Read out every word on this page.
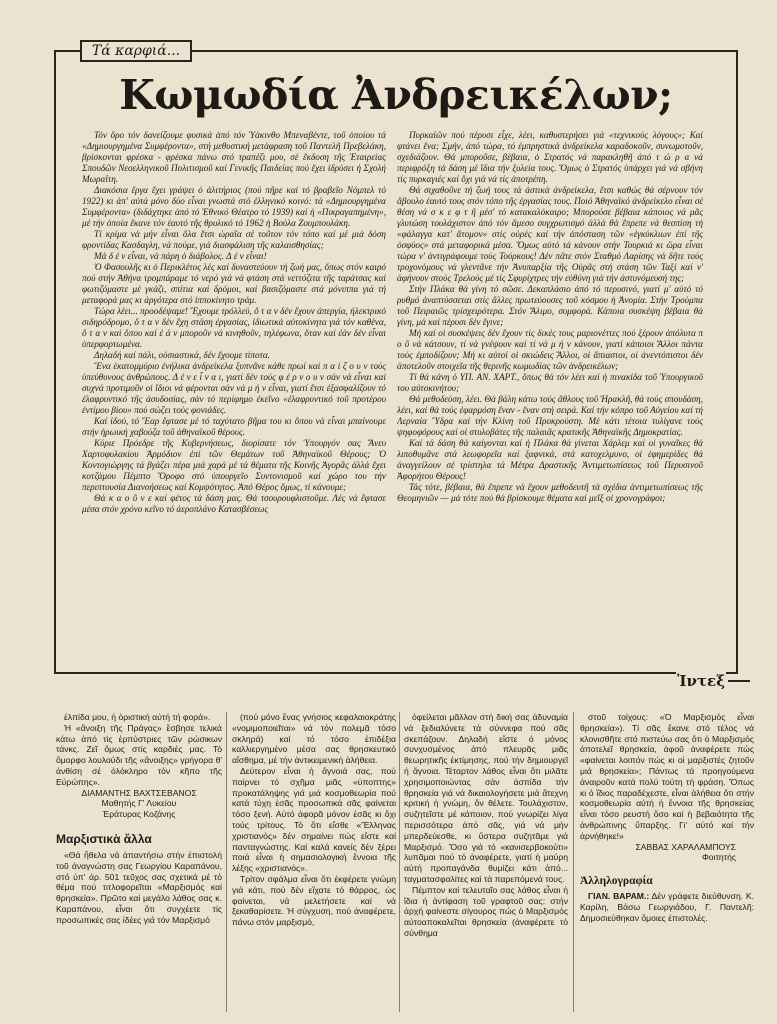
Τά καρφιά...
Κωμωδία Ἀνδρεικέλων;

Τόν ὅρο τόν δανείζουμε φυσικά ἀπό τόν Ὑάκινθο Μπεναβέντε, τοῦ ὁποίου τά «Δημιουργημένα Συμφέροντα», στή μεθυστική μετάφραση τοῦ Παντελῆ Πρεβελάκη, βρίσκονται φρέσκα - φρέσκα πάνω στό τραπέζι μου, σέ ἔκδοση τῆς Ἑταιρείας Σπουδῶν Νεοελληνικοῦ Πολιτισμοῦ καί Γενικῆς Παιδείας πού ἔχει ἱδρύσει ἡ Σχολή Μωραΐτη.

Διακόσια ἔργα ἔχει γράψει ὁ ἀλιτήριος (πού πῆρε καί τό βραβεῖο Νόμπελ τό 1922) κι ἀπ' αὐτά μόνο δύο εἶναι γνωστά στό ἑλληνικό κοινό: τά «Δημιουργημένα Συμφέροντα» (διδάχτηκε ἀπό τό Ἐθνικό Θέατρο τό 1939) καί ἡ «Πικραγαπημένη», μέ τήν ὁποία ἔκανε τόν ἑαυτό τῆς θρυλικό τό 1962 ἡ Βούλα Ζουμπουλάκη.

Τί κρίμα νά μήν εἶναι ὅλα ἔτσι ὡραῖα σέ τοῦτον τόν τόπο καί μέ μιά δόση φροντίδας Κασδαγλη, νά πούμε, γιά διασφάλιση τῆς καλαισθησίας;

Μά δ έ ν εἶναι, νά πάρη ὁ διάβολος. Δ έ ν εἶναι!

Ὁ Φασουλῆς κι ὁ Περικλέτος λές καί δυναστεύουν τή ζωή μας, ὅπως στόν καιρό πού στήν Ἀθήνα τρομπάραμε τό νερό γιά νά φτάση στά νεττόζιτα τῆς ταράτσας καί φωτιζόμαστε μέ γκάζι, σπίτια καί δρόμοι, καί βασιζόμαστε στά μόνιππα γιά τή μεταφορά μας κι ἀργότερα στό ἱπποκίνητο τράμ.

Τώρα λέει... προοδέψαμε! Ἔχουμε τρόλλεϋ, ὅ τ α ν δέν ἔχουν ἀπεργία, ἠλεκτρικό σιδηρόδρομο, ὅ τ α ν δέν ἔχη στάση ἐργασίας, ἰδιωτικά αὐτοκίνητα γιά τόν καθένα, ὅ τ α ν καί ὅπου καί ἐ ά ν μποροῦν νά κινηθοῦν, τηλέφωνα, ὅταν καί ἐάν δέν εἶναι ὑπερφορτωμένα.

Δηλαδή καί πάλι, οὐσιαστικά, δέν ἔχουμε τίποτα.

Ἕνα ἑκατομμύριο ἐνήλικα ἀνδρείκελα ξυπνᾶνε κάθε πρωί καί π α ί ζ ο υ ν τούς ὑπεύθυνους ἀνθρώπους. Δ έ ν ε ἶ ν α ι, γιατί δέν τούς φ έ ρ ν ο υ ν σάν νά εἶναι καί συχνά προτιμοῦν οἱ ἴδιοι νά φέρονται σάν νά μ ή ν εἶναι, γιατί ἔτσι ἐξασφαλίζουν τό ἐλαφρυντικό τῆς ἀσυδοσίας, σάν τό περίφημο ἐκεῖνο «ἐλαφρυντικό τοῦ προτέρου ἐντίμου βίου» πού σώζει τούς φονιάδες.

Καί ἰδού, τό Ἔαρ ἔφτασε μέ τό ταχύτατο βῆμα του κι ὅπου νά εἶναι μπαίνουμε στήν ἠρωική χαβούζα τοῦ ἀθηναϊκοῦ θέρους.

Κύριε Πρόεδρε τῆς Κυβερνήσεως, διορίσατε τόν Ὑπουργόν σας Ἄνευ Χαρτοφυλακίου Ἁρμόδιον ἐπί τῶν Θεμάτων τοῦ Ἀθηναϊκοῦ Θέρους; Ὁ Κοντογιώργης τά βγάζει πέρα μιά χαρά μέ τά θέματα τῆς Κοινῆς Ἀγορᾶς ἀλλά ἔχει κοτζάμου Πέμπτο Ὄροφο στό ὑπουργεῖο Συντονισμοῦ καί χώρο του τήν περιπτουσία Διανοήσεως καί Κομψότητος. Ἀπό Θέρος ὅμως, τί κάνουμε;

Θά κ α ο ῦ ν ε καί φέτος τά δάση μας. Θά τσουρουφλιστοῦμε. Λές νά ἔφτασε μέσα στόν χρόνο κεῖνο τό ἀεροπλάνο Κατασβέσεως

Πυρκαϊῶν πού πέρυσι εἶχε, λέει, καθυστερήσει γιά «τεχνικούς λόγους»; Καί φτάνει ἕνα; Σμήν, ἀπό τώρα, τό ἐμπρηστικά ἀνδρείκελα καραδοκοῦν, συνωμοτοῦν, σχεδιάζουν. Θά μποροῦσε, βέβαια, ὁ Στρατός νά παρακληθῆ ἀπό τ ώ ρ α νά περιφρόξη τά δάση μέ ἴδια τήν ξυλεία τους. Ὅμως ὁ Στρατός ὑπάρχει γιά νά σβήνη τίς πυρκαγιές καί ὄχι γιά νά τίς ἀποτρέπη.

Θά σιχαθοῦνε τή ζωή τους τά ἀστικά ἀνδρείκελα, ἔτσι καθώς θά σέρνουν τόν ἄβουλο ἑαυτό τους στόν τόπο τῆς ἐργασίας τους. Ποιό Ἀθηναϊκό ἀνδρείκελο εἶναι σέ θέση νά σ κ ε φ τ ῆ μέσ' τό κατακαλόκαιρο; Μπορούσε βέβαια κάποιος νά μᾶς γλυτώση τουλάχιστον ἀπό τόν ἄμεσο συγχρωτισμό ἀλλά θά ἔπρεπε νά θεσπίση τή «φάλαγγα κατ' ἄτομον» στίς οὐρές καί τήν ἀπόσταση τῶν «ἐγκύκλιων ἐπί τῆς ὀσφύος» στά μεταφορικά μέσα. Ὅμως αὐτό τά κάνουν στήν Τουρκιά κι ὥρα εἶναι τώρα ν' ἀντιγράφουμε τούς Τούρκους! Δέν πᾶτε στόν Σταθμό Λαρίσης νά δῆτε τούς τροχονόμους νά γλεντᾶνε τήν Ἀνυπαρξία τῆς Οὐρᾶς στή στάση τῶν Ταξί καί ν' ἀφήνουν στούς Τρελούς μέ τίς Σφυρίχτρες τήν εὐθύνη γιά τήν ἀστυνόμευσή της;

Στήν Πλάκα θά γίνη τό σῶσε. Δεκαπλάσιο ἀπό τό περυσινό, γιατί μ' αὐτό τό ρυθμό ἀναπτύσσεται στίς ἄλλες πρωτεύουσες τοῦ κόσμου ἡ Ἀνομία. Στήν Τρούμπα τοῦ Πειραιῶς τρίσχειρότερα. Στόν Ἄλιμο, συμφορά. Κάποια συσκέψη βέβαια θά γίνη, μά καί πέρυσι δέν ἔγινε;

Μή καί οἱ συσκέψεις δέν ἔχουν τίς δικές τους μαριονέττες πού ξέρουν ἀπόλυτα π ο ῦ νά κάτσουν, τί νά γνέψουν καί τί νά μ ή ν κάνουν, γιατί κάποιοι Ἄλλοι πάντα τούς ἐμποδίζουν; Μή κι αὐτοί οἱ σκιώδεις Ἄλλοι, οἱ ἄπιαστοι, οἱ ἀνεντόπιστοι δέν ἀποτελοῦν στοιχεῖα τῆς θερινῆς κωμωδίας τῶν ἀνδρεικέλων;

Τί θά κάνη ὁ ΥΠ. ΑΝ. ΧΑΡΤ., ὅπως θά τόν λέει καί ἡ πινακίδα τοῦ Ὑπουργικοῦ του αὐτοκινήτου;

Θά μεθοδεύση, λέει. Θά βάλη κάτω τούς ἄθλους τοῦ Ἡρακλῆ, θά τούς σπουδάση, λέει, καί θά τούς ἐφαρμόση ἕναν - ἕναν στή σειρά. Καί τήν κόπρο τοῦ Αὐγείου καί τή Λερναία Ὕδρα καί τήν Κλίνη τοῦ Προκρούστη. Μέ κάτι τέτοια τυλίγανε τούς ψηφοφόρους καί οἱ στυλοβάτες τῆς παλαιᾶς κρατικῆς Ἀθηναϊκῆς Δημοκρατίας.

Καί τά δάση θά καίγονται καί ἡ Πλάκα θά γίνεται Χάρλεμ καί οἱ γυναῖκες θά λιποθυμᾶνε στά λεωφορεῖα καί ξαφνικά, στά κατοχελμυνο, οἱ ἐφημερίδες θά ἀναγγείλουν σέ τρίστηλα τά Μέτρα Δραστικῆς Ἀντιμετωπίσεως τοῦ Περυσινοῦ Ἀφορήτου Θέρους!

Τάς τότε, βέβαια, θά ἔπρεπε νά ἔχουν μεθοδευτῆ τά σχέδια ἀντιμετωπίσεως τῆς Θεομηνιῶν — μά τότε πού θά βρίσκουμε θέματα καί μεῖξ οἱ χρονογράφοι;

Ἰντεξ

ἐλπίδα μου, ἡ ὁριστική αὐτή τή φορά».

Ἡ «ἄνοιξη τῆς Πράγας» ἔσβησε τελικά κάτω ἀπό τίς ἐρπύστριες τῶν ρώσικων τάνκς. Ζεῖ ὅμως στίς καρδιές μας. Τό ὄμορφο λουλούδι τῆς «ἄνοιξης» γρήγορα θ' ἀνθίση σέ ὁλόκληρο τόν κῆπο τῆς Εὐρώπης».

ΔΙΑΜΑΝΤΗΣ ΒΑΧΤΣΕΒΑΝΟΣ

Μαθητής Γ' Λυκείου

Ἐράτυρας Κοζάνης

Μαρξιστικὰ ἄλλα

«Θά ἤθελα νά ἀπαντήσω στήν ἐπιστολή τοῦ ἀναγνώστη σας Γεωργίου Καραπάνου, στό ὑπ' ἀρ. 501 τεῦχος σας σχετικά μέ τό θέμα πού τιτλοφορεῖται «Μαρξισμός καί θρησκεία». Πρῶτο καί μεγάλο λάθος σας κ. Καραπάνου, εἶναι ὅτι συγχέετε τίς προσωπικές σας ἰδέες γιά τόν Μαρξισμό

(πού μόνο ἕνας γνήσιος κεφαλαιοκράτης «νομιμοποιεῖται» νά τόν πολεμᾶ τόσο σκληρά) καί τό τόσο ἐπιδέξια καλλιεργημένο μέσα σας θρησκευτικό αἴσθημα, μέ τήν ἀντικειμενική ἀλήθεια.

Δεύτερον εἶναι ἡ ἄγνοιά σας, πού παίρνει τό σχῆμα μιᾶς «ὑποπτης» προκατάληψης γιά μιά κοσμοθεωρία πού κατά τύχη ἐσᾶς προσωπικά σᾶς φαίνεται τόσο ξενή. Αὐτό ἀφορᾶ μόνον ἐσᾶς κι ὄχι τούς τρίτους. Τό ὅτι εἴσθε «Ἕλληνας χριστιανός» δέν σημαίνει πώς εἴστε καί πανταγνώστης. Καί καλά κανείς δέν ξέρει ποιά εἶναι ἡ σημασιολογική ἔννοια τῆς λέξης «χριστιανός».

Τρίτον σφάλμα εἶναι ὅτι ἐκφέρετε γνώμη γιά κάτι, πού δέν εἴχατε τό θάρρος, ὡς φαίνεται, νά μελετήσετε καί νά ξεκαθαρίσετε. Ἡ σύγχυση, πού ἀναφέρετε, πάνω στόν μαρξισμό,

ὀφείλεται μᾶλλον στή δική σας ἀδυναμία νά ξεδιαλύνετε τά σύννεφα πού σᾶς σκεπάζουν. Δηλαδή εἴστε ὁ μόνος συνχυσμένος ἀπό πλευρᾶς μιᾶς θεωρητικῆς ἐκτίμησης, πού τήν δημιουργεῖ ἡ ἄγνοια. Τέταρτον λάθος εἶναι ὅτι μιλᾶτε χρησιμοποιώντας σάν ἀσπίδα τήν θρησκεία γιά νά δικαιολογήσετε μιά ἄτεχνη κριτική ἡ γνώμη, ὅν θέλετε. Τουλάχιστον, συζητεῖστε μέ κάποιον, πού γνωρίζει λίγα περισσότερα ἀπό σᾶς, γιά νά μήν μπερδεύεσθε, κι ὕστερα συζητᾶμε γιά Μαρξισμό. Ὅσο γιά τό «κανισερβοκούτι» λυπᾶμαι πού τό ἀναφέρετε, γιατί ἡ μαύρη αὐτή προπαγάνδα θυμίζει κάτι ἀπό... ταγματασφαλίτες καί τά παρεπόμενά τους.

Πέμπτον καί τελευταῖο σας λάθος εἶναι ἡ ἴδια ἡ ἀντίφαση τοῦ γραφτοῦ σας: στήν ἀρχή φαίνεστε σίγουρος πώς ὁ Μαρξισμός αὐτοαποκαλεῖται θρησκεία (ἀναφέρετε τό σύνθημα

στοῦ τοίχους: «Ὁ Μαρξισμός εἶναι θρησκεία»). Τί σᾶς ἔκανε στό τέλος νά κλονισθῆτε στό πιστεύω σας ὅτι ὁ Μαρξισμός ἀποτελεῖ θρησκεία, ἀφοῦ ἀναφέρετε πώς «φαίνεται λοιπόν πώς κι οἱ μαρξιστές ζητοῦν μιά θρησκεία»; Πάντως τά προηγούμενα ἀναιροῦν κατά πολύ τούτη τή φράση. Ὅπως κι ὁ ἴδιος παραδέχεστε, εἶναι ἀλήθεια ὅτι στήν κοσμοθεωρία αὐτή ἡ ἔννοια τῆς θρησκείας εἶναι τόσο ρευστή ὅσο καί ἡ βεβαιότητα τῆς ἀνθρώπινης ὕπαρξης. Γι' αὐτό καί τήν ἀρνήθηκε!»

ΣΑΒΒΑΣ ΧΑΡΑΛΑΜΠΟΥΣ

Φοιτητής

Ἀλληλογραφία

ΓΙΑΝ. ΒΑΡΑΜ.: Δέν γράφετε διεύθυνση. Κ. Καρίλη, Βάσω Γεωργιάδου, Γ. Παντελῆ: Δημοσιεύθηκαν ὅμοιες ἐπιστολές.
